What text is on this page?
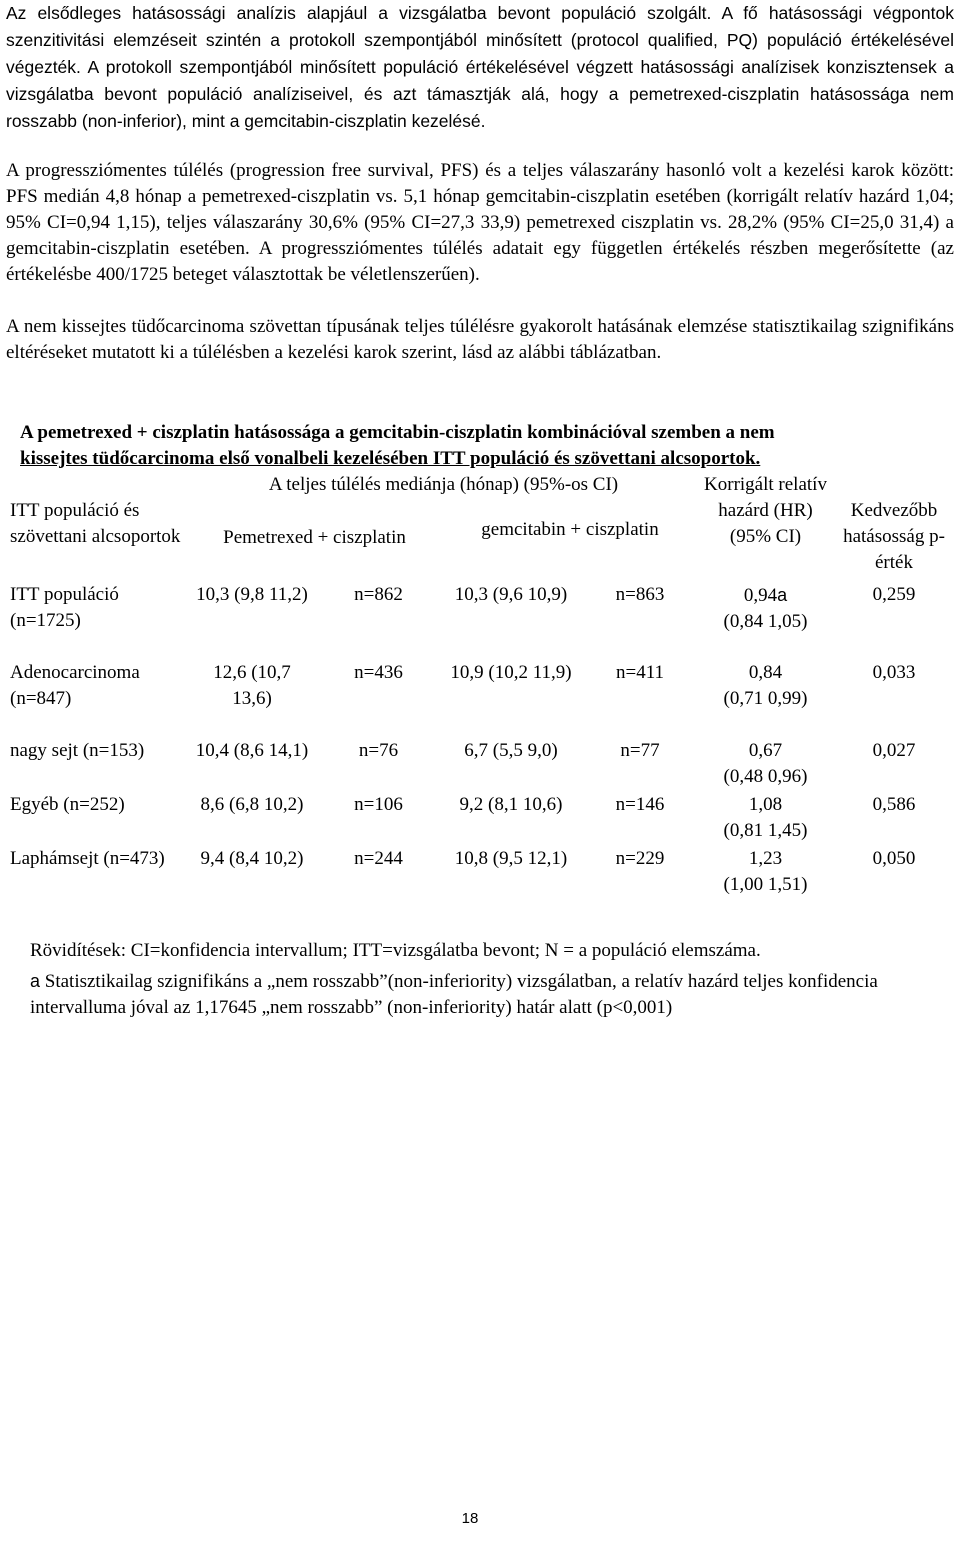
Az elsődleges hatásossági analízis alapjául a vizsgálatba bevont populáció szolgált. A fő hatásossági végpontok szenzitivitási elemzéseit szintén a protokoll szempontjából minősített (protocol qualified, PQ) populáció értékelésével végezték. A protokoll szempontjából minősített populáció értékelésével végzett hatásossági analízisek konzisztensek a vizsgálatba bevont populáció analíziseivel, és azt támasztják alá, hogy a pemetrexed-ciszplatin hatásossága nem rosszabb (non-inferior), mint a gemcitabin-ciszplatin kezelésé.
A progressziómentes túlélés (progression free survival, PFS) és a teljes válaszarány hasonló volt a kezelési karok között: PFS medián 4,8 hónap a pemetrexed-ciszplatin vs. 5,1 hónap gemcitabin-ciszplatin esetében (korrigált relatív hazárd 1,04; 95% CI=0,94 1,15), teljes válaszarány 30,6% (95% CI=27,3 33,9) pemetrexed ciszplatin vs. 28,2% (95% CI=25,0 31,4) a gemcitabin-ciszplatin esetében. A progressziómentes túlélés adatait egy független értékelés részben megerősítette (az értékelésbe 400/1725 beteget választottak be véletlenszerűen).
A nem kissejtes tüdőcarcinoma szövettan típusának teljes túlélésre gyakorolt hatásának elemzése statisztikailag szignifikáns eltéréseket mutatott ki a túlélésben a kezelési karok szerint, lásd az alábbi táblázatban.
A pemetrexed + ciszplatin hatásossága a gemcitabin-ciszplatin kombinációval szemben a nem
kissejtes tüdőcarcinoma első vonalbeli kezelésében ITT populáció és szövettani alcsoportok.
ITT populáció és szövettani alcsoportok	A teljes túlélés mediánja (hónap) (95%-os CI)				Korrigált relatív hazárd (HR) (95% CI)	Kedvezőbb hatásosság p-érték
	Pemetrexed + ciszplatin		gemcitabin + ciszplatin			
ITT populáció (n=1725)	10,3 (9,8 11,2)	n=862	10,3 (9,6 10,9)	n=863	0,94a
(0,84 1,05)	0,259
Adenocarcinoma (n=847)	12,6 (10,7 13,6)	n=436	10,9 (10,2 11,9)	n=411	0,84
(0,71 0,99)	0,033
nagy sejt (n=153)	10,4 (8,6 14,1)	n=76	6,7 (5,5 9,0)	n=77	0,67
(0,48 0,96)	0,027
Egyéb (n=252)	8,6 (6,8 10,2)	n=106	9,2 (8,1 10,6)	n=146	1,08
(0,81 1,45)	0,586
Laphámsejt (n=473)	9,4 (8,4 10,2)	n=244	10,8 (9,5 12,1)	n=229	1,23
(1,00 1,51)	0,050
Rövidítések: CI=konfidencia intervallum; ITT=vizsgálatba bevont; N = a populáció elemszáma.
a Statisztikailag szignifikáns a „nem rosszabb”(non-inferiority) vizsgálatban, a relatív hazárd teljes konfidencia intervalluma jóval az 1,17645 „nem rosszabb” (non-inferiority) határ alatt (p<0,001)
18
